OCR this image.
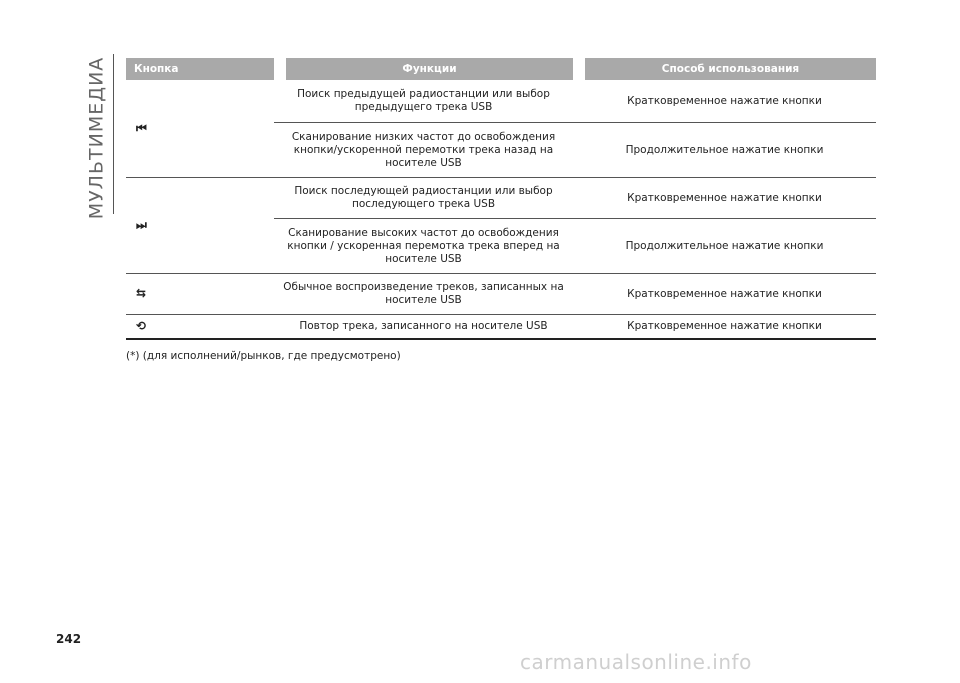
МУЛЬТИМЕДИА	Кнопка	Функции	Способ использования
⏮	Поиск предыдущей радиостанции или выбор предыдущего трека USB	Кратковременное нажатие кнопки
	Сканирование низких частот до освобождения кнопки/ускоренной перемотки трека назад на носителе USB	Продолжительное нажатие кнопки
⏭	Поиск последующей радиостанции или выбор последующего трека USB	Кратковременное нажатие кнопки
	Сканирование высоких частот до освобождения кнопки / ускоренная перемотка трека вперед на носителе USB	Продолжительное нажатие кнопки
⇆	Обычное воспроизведение треков, записанных на носителе USB	Кратковременное нажатие кнопки
⟲	Повтор трека, записанного на носителе USB	Кратковременное нажатие кнопки
(*) (для исполнений/рынков, где предусмотрено)
242
carmanualsonline.info
